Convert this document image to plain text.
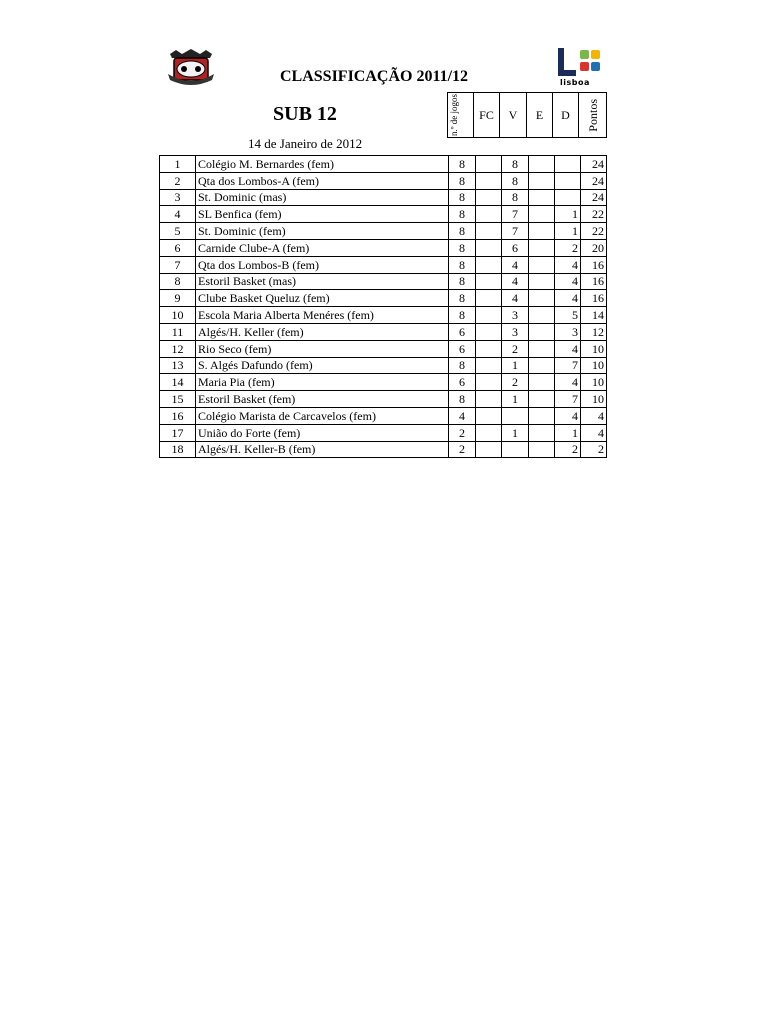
lisboa
CLASSIFICAÇÃO 2011/12
SUB 12
14 de Janeiro de 2012
n.º de jogos	FC V E D Pontos
1	Colégio M. Bernardes (fem)	8		8			24
2	Qta dos Lombos-A (fem)	8		8			24
3	St. Dominic (mas)	8		8			24
4	SL Benfica (fem)	8		7		1	22
5	St. Dominic (fem)	8		7		1	22
6	Carnide Clube-A (fem)	8		6		2	20
7	Qta dos Lombos-B (fem)	8		4		4	16
8	Estoril Basket (mas)	8		4		4	16
9	Clube Basket Queluz (fem)	8		4		4	16
10	Escola Maria Alberta Menéres (fem)	8		3		5	14
11	Algés/H. Keller (fem)	6		3		3	12
12	Rio Seco (fem)	6		2		4	10
13	S. Algés Dafundo (fem)	8		1		7	10
14	Maria Pia (fem)	6		2		4	10
15	Estoril Basket (fem)	8		1		7	10
16	Colégio Marista de Carcavelos (fem)	4				4	4
17	União do Forte (fem)	2		1		1	4
18	Algés/H. Keller-B (fem)	2				2	2
